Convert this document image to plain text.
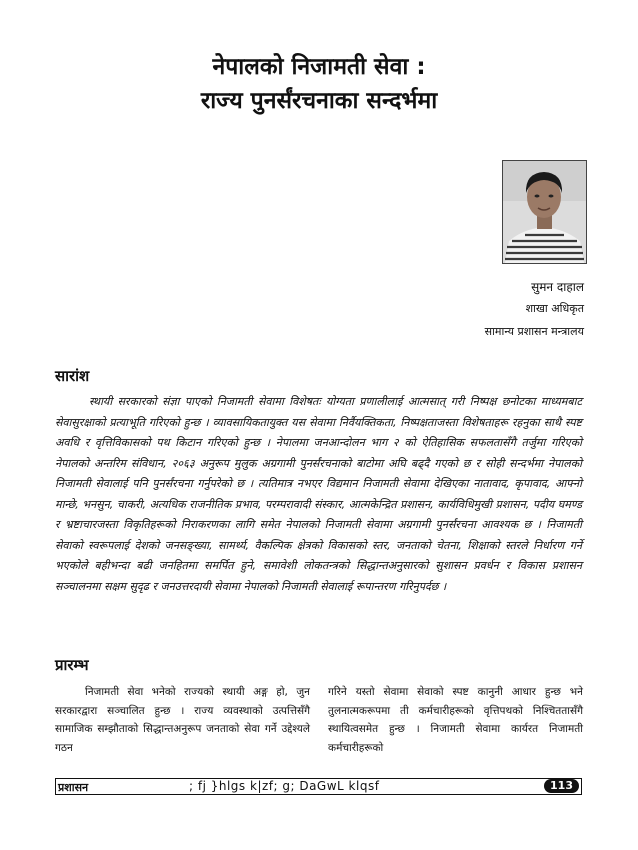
नेपालको निजामती सेवा :
राज्य पुनर्संरचनाका सन्दर्भमा
सुमन दाहाल
शाखा अधिकृत
सामान्य प्रशासन मन्त्रालय
सारांश
स्थायी सरकारको संज्ञा पाएको निजामती सेवामा विशेषतः योग्यता प्रणालीलाई आत्मसात् गरी निष्पक्ष छनोटका माध्यमबाट सेवासुरक्षाको प्रत्याभूति गरिएको हुन्छ । व्यावसायिकतायुक्त यस सेवामा निर्वैयक्तिकता, निष्पक्षताजस्ता विशेषताहरू रहनुका साथै स्पष्ट अवधि र वृत्तिविकासको पथ किटान गरिएको हुन्छ । नेपालमा जनआन्दोलन भाग २ को ऐतिहासिक सफलतासँगै तर्जुमा गरिएको नेपालको अन्तरिम संविधान, २०६३ अनुरूप मुलुक अग्रगामी पुनर्संरचनाको बाटोमा अघि बढ्दै गएको छ र सोही सन्दर्भमा नेपालको निजामती सेवालाई पनि पुनर्संरचना गर्नुपरेको छ । त्यतिमात्र नभएर विद्यमान निजामती सेवामा देखिएका नातावाद, कृपावाद, आफ्नो मान्छे, भनसुन, चाकरी, अत्यधिक राजनीतिक प्रभाव, परम्परावादी संस्कार, आत्मकेन्द्रित प्रशासन, कार्यविधिमुखी प्रशासन, पदीय घमण्ड र भ्रष्टाचारजस्ता विकृतिहरूको निराकरणका लागि समेत नेपालको निजामती सेवामा अग्रगामी पुनर्संरचना आवश्यक छ । निजामती सेवाको स्वरूपलाई देशको जनसङ्ख्या, सामर्थ्य, वैकल्पिक क्षेत्रको विकासको स्तर, जनताको चेतना, शिक्षाको स्तरले निर्धारण गर्ने भएकोले बहीभन्दा बढी जनहितमा समर्पित हुने, समावेशी लोकतन्त्रको सिद्धान्तअनुसारको सुशासन प्रवर्धन र विकास प्रशासन सञ्चालनमा सक्षम सुदृढ र जनउत्तरदायी सेवामा नेपालको निजामती सेवालाई रूपान्तरण गरिनुपर्दछ ।
प्रारम्भ
निजामती सेवा भनेको राज्यको स्थायी अङ्ग हो, जुन सरकारद्वारा सञ्चालित हुन्छ । राज्य व्यवस्थाको उत्पत्तिसँगै सामाजिक सम्झौताको सिद्धान्तअनुरूप जनताको सेवा गर्ने उद्देश्यले गठन
गरिने यस्तो सेवामा सेवाको स्पष्ट कानुनी आधार हुन्छ भने तुलनात्मकरूपमा ती कर्मचारीहरूको वृत्तिपथको निश्चिततासँगै स्थायित्वसमेत हुन्छ । निजामती सेवामा कार्यरत निजामती कर्मचारीहरूको
प्रशासन	; fj }hlgs k|zf; g; DaGwL klqsf	113
